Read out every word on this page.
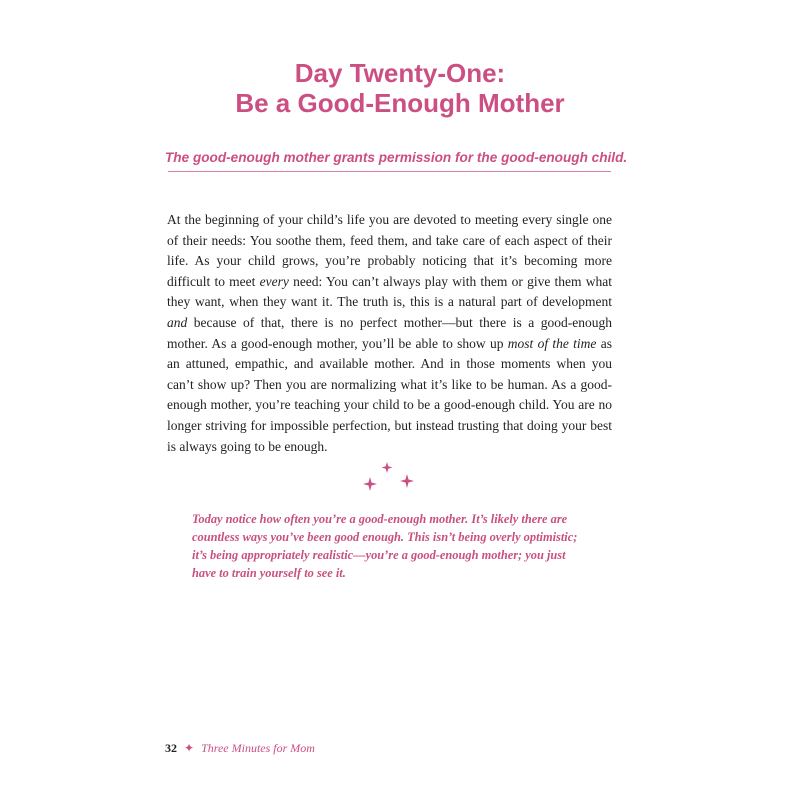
Day Twenty-One:
Be a Good-Enough Mother
The good-enough mother grants permission for the good-enough child.

At the beginning of your child’s life you are devoted to meeting every single one of their needs: You soothe them, feed them, and take care of each aspect of their life. As your child grows, you’re probably noticing that it’s becoming more difficult to meet every need: You can’t always play with them or give them what they want, when they want it. The truth is, this is a natural part of development and because of that, there is no perfect mother—but there is a good-enough mother. As a good-enough mother, you’ll be able to show up most of the time as an attuned, empathic, and available mother. And in those moments when you can’t show up? Then you are normalizing what it’s like to be human. As a good-enough mother, you’re teaching your child to be a good-enough child. You are no longer striving for impossible perfection, but instead trusting that doing your best is always going to be enough.

Today notice how often you’re a good-enough mother. It’s likely there are countless ways you’ve been good enough. This isn’t being overly optimistic; it’s being appropriately realistic—you’re a good-enough mother; you just have to train yourself to see it.

32 ✦ Three Minutes for Mom
